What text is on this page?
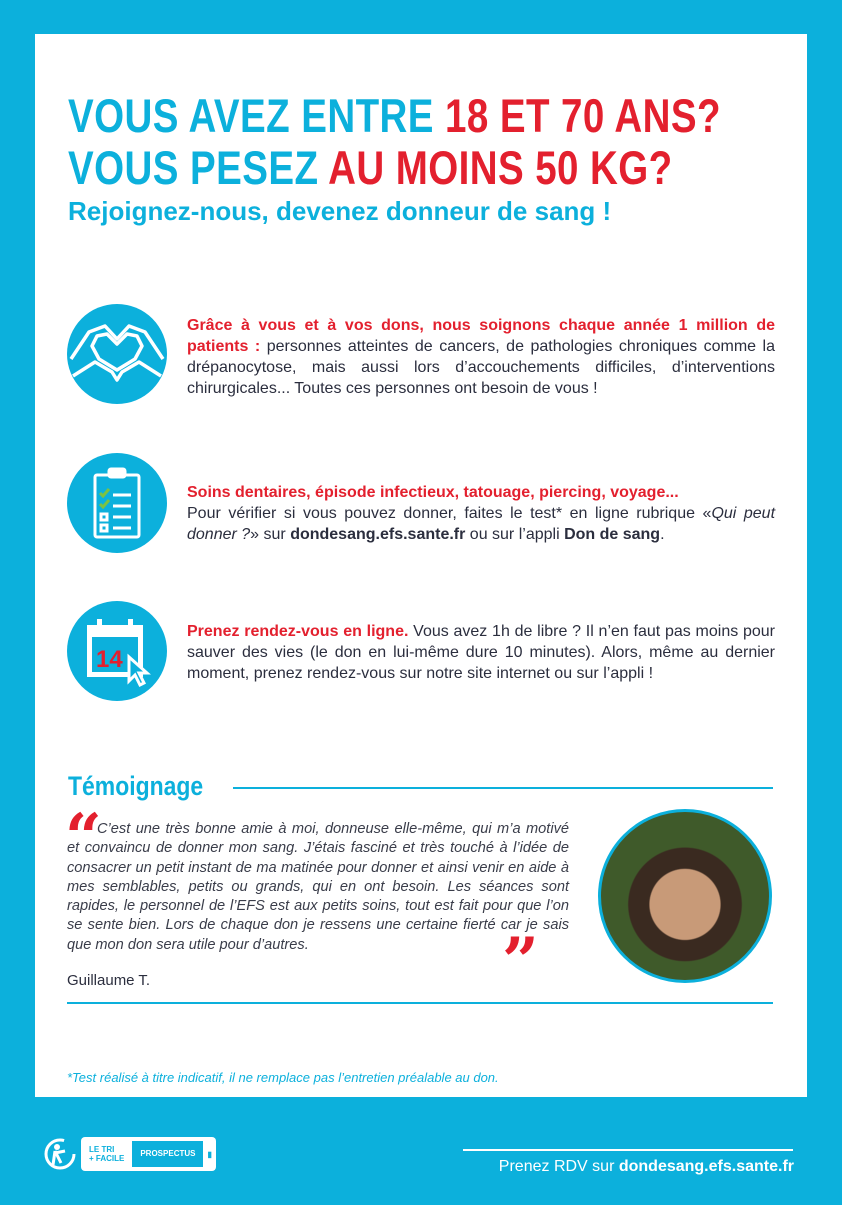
VOUS AVEZ ENTRE 18 ET 70 ANS?
VOUS PESEZ AU MOINS 50 KG?
Rejoignez-nous, devenez donneur de sang !
Grâce à vous et à vos dons, nous soignons chaque année 1 million de patients : personnes atteintes de cancers, de pathologies chroniques comme la drépanocytose, mais aussi lors d’accouchements difficiles, d’interventions chirurgicales... Toutes ces personnes ont besoin de vous !
Soins dentaires, épisode infectieux, tatouage, piercing, voyage...
Pour vérifier si vous pouvez donner, faites le test* en ligne rubrique «Qui peut donner ?» sur dondesang.efs.sante.fr ou sur l’appli Don de sang.
14
Prenez rendez-vous en ligne. Vous avez 1h de libre ? Il n’en faut pas moins pour sauver des vies (le don en lui-même dure 10 minutes). Alors, même au dernier moment, prenez rendez-vous sur notre site internet ou sur l’appli !
Témoignage
“
C’est une très bonne amie à moi, donneuse elle-même, qui m’a motivé et convaincu de donner mon sang. J’étais fasciné et très touché à l’idée de consacrer un petit instant de ma matinée pour donner et ainsi venir en aide à mes semblables, petits ou grands, qui en ont besoin. Les séances sont rapides, le personnel de l’EFS est aux petits soins, tout est fait pour que l’on se sente bien. Lors de chaque don je ressens une certaine fierté car je sais que mon don sera utile pour d’autres.	”
Guillaume T.
*Test réalisé à titre indicatif, il ne remplace pas l’entretien préalable au don.
LE TRI
+ FACILE
PROSPECTUS	▮
Prenez RDV sur dondesang.efs.sante.fr
